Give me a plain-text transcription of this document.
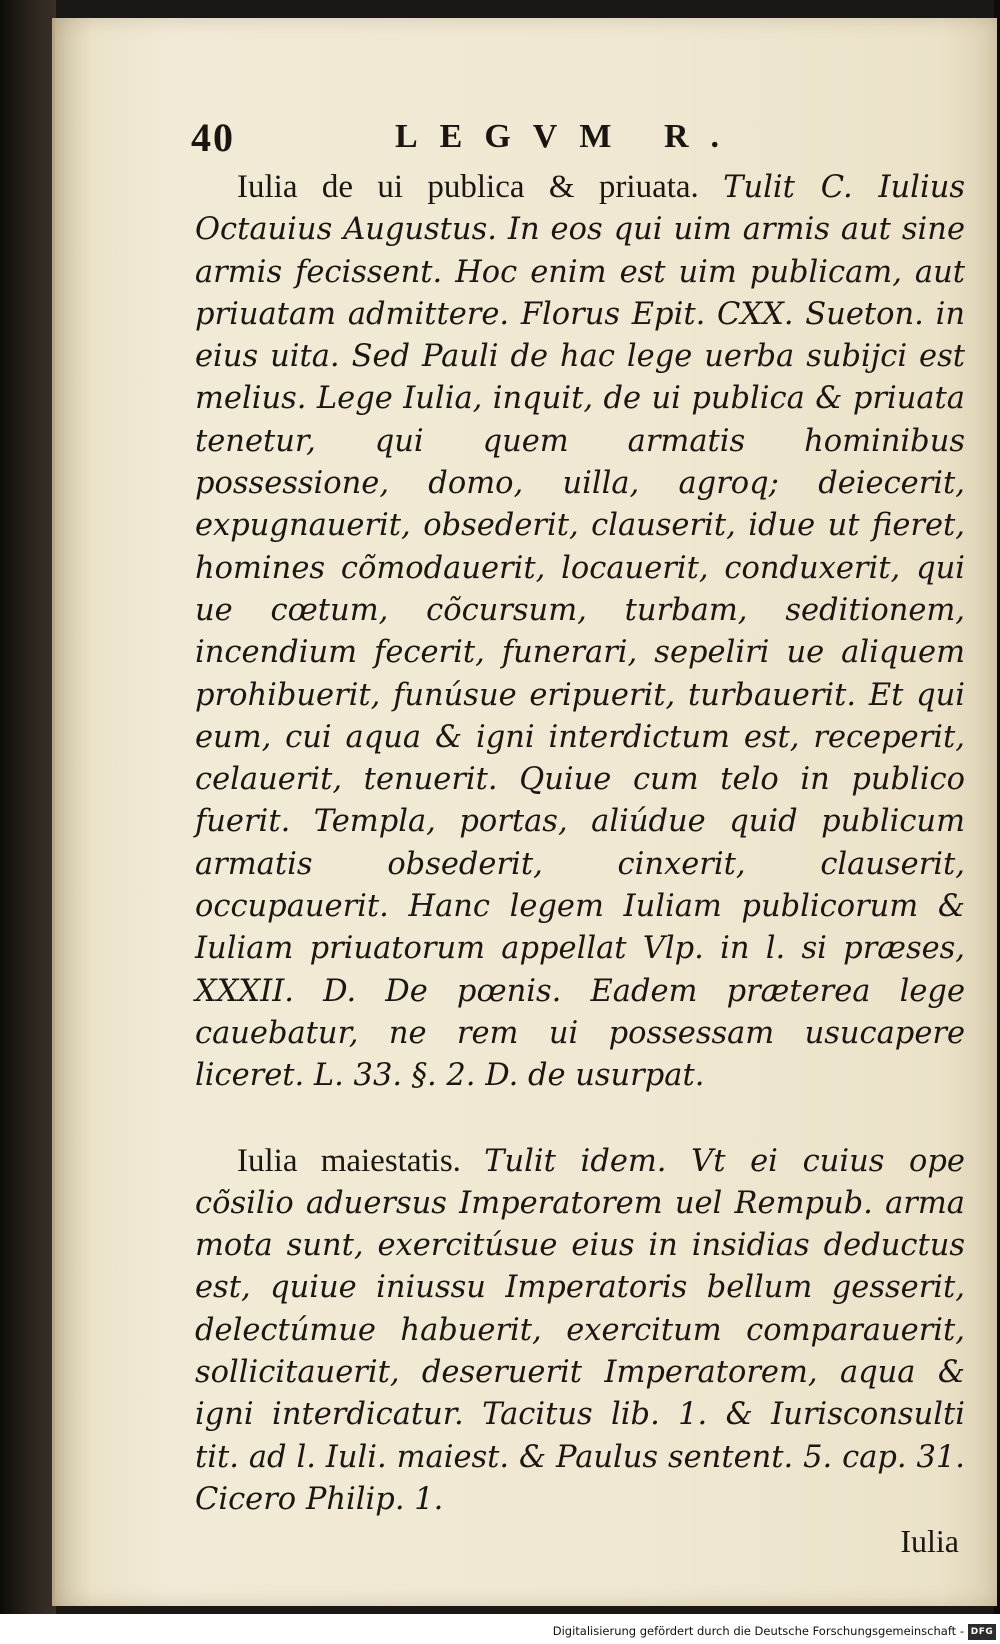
40	LEGVM R.

Iulia de ui publica & priuata. Tulit C. Iulius Octauius Augustus. In eos qui uim armis aut sine armis fecissent. Hoc enim est uim publicam, aut priuatam admittere. Florus Epit. CXX. Sueton. in eius uita. Sed Pauli de hac lege uerba subijci est melius. Lege Iulia, inquit, de ui publica & priuata tenetur, qui quem armatis hominibus possessione, domo, uilla, agroq; deiecerit, expugnauerit, obsederit, clauserit, idue ut fieret, homines cõmodauerit, locauerit, conduxerit, qui ue cœtum, cõcursum, turbam, seditionem, incendium fecerit, funerari, sepeliri ue aliquem prohibuerit, funúsue eripuerit, turbauerit. Et qui eum, cui aqua & igni interdictum est, receperit, celauerit, tenuerit. Quiue cum telo in publico fuerit. Templa, portas, aliúdue quid publicum armatis obsederit, cinxerit, clauserit, occupauerit. Hanc legem Iuliam publicorum & Iuliam priuatorum appellat Vlp. in l. si præses, XXXII. D. De pœnis. Eadem præterea lege cauebatur, ne rem ui possessam usucapere liceret. L. 33. §. 2. D. de usurpat.

Iulia maiestatis. Tulit idem. Vt ei cuius ope cõsilio aduersus Imperatorem uel Rempub. arma mota sunt, exercitúsue eius in insidias deductus est, quiue iniussu Imperatoris bellum gesserit, delectúmue habuerit, exercitum comparauerit, sollicitauerit, deseruerit Imperatorem, aqua & igni interdicatur. Tacitus lib. 1. & Iurisconsulti tit. ad l. Iuli. maiest. & Paulus sentent. 5. cap. 31. Cicero Philip. 1.

Iulia
Digitalisierung gefördert durch die Deutsche Forschungsgemeinschaft - DFG
